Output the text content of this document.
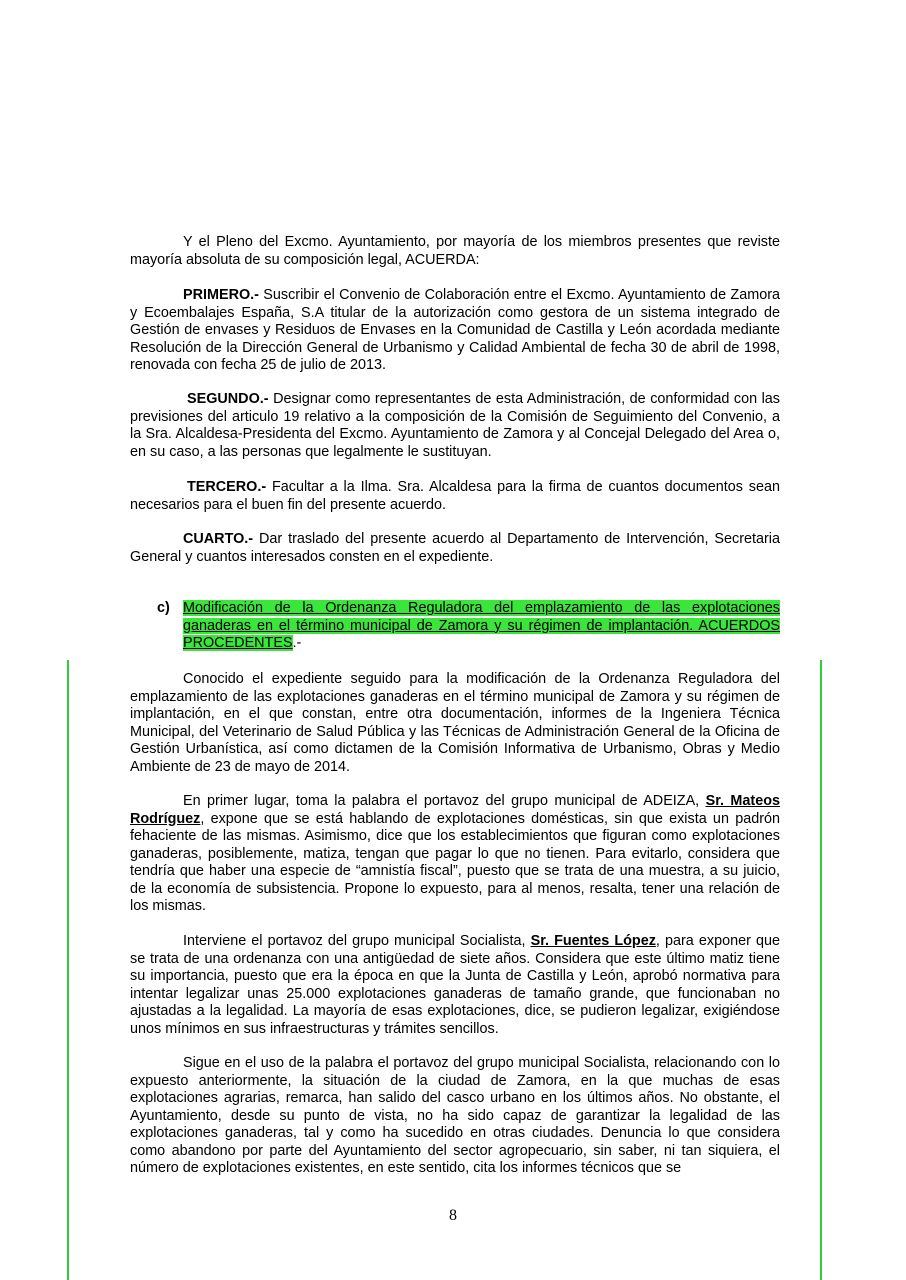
Y el Pleno del Excmo. Ayuntamiento, por mayoría de los miembros presentes que reviste mayoría absoluta de su composición legal, ACUERDA:

PRIMERO.- Suscribir el Convenio de Colaboración entre el Excmo. Ayuntamiento de Zamora y Ecoembalajes España, S.A titular de la autorización como gestora de un sistema integrado de Gestión de envases y Residuos de Envases en la Comunidad de Castilla y León acordada mediante Resolución de la Dirección General de Urbanismo y Calidad Ambiental de fecha 30 de abril de 1998, renovada con fecha 25 de julio de 2013.

SEGUNDO.- Designar como representantes de esta Administración, de conformidad con las previsiones del articulo 19 relativo a la composición de la Comisión de Seguimiento del Convenio, a la Sra. Alcaldesa-Presidenta del Excmo. Ayuntamiento de Zamora y al Concejal Delegado del Area o, en su caso, a las personas que legalmente le sustituyan.

TERCERO.- Facultar a la Ilma. Sra. Alcaldesa para la firma de cuantos documentos sean necesarios para el buen fin del presente acuerdo.

CUARTO.- Dar traslado del presente acuerdo al Departamento de Intervención, Secretaria General y cuantos interesados consten en el expediente.

c) Modificación de la Ordenanza Reguladora del emplazamiento de las explotaciones ganaderas en el término municipal de Zamora y su régimen de implantación. ACUERDOS PROCEDENTES.-

Conocido el expediente seguido para la modificación de la Ordenanza Reguladora del emplazamiento de las explotaciones ganaderas en el término municipal de Zamora y su régimen de implantación, en el que constan, entre otra documentación, informes de la Ingeniera Técnica Municipal, del Veterinario de Salud Pública y las Técnicas de Administración General de la Oficina de Gestión Urbanística, así como dictamen de la Comisión Informativa de Urbanismo, Obras y Medio Ambiente de 23 de mayo de 2014.

En primer lugar, toma la palabra el portavoz del grupo municipal de ADEIZA, Sr. Mateos Rodríguez, expone que se está hablando de explotaciones domésticas, sin que exista un padrón fehaciente de las mismas. Asimismo, dice que los establecimientos que figuran como explotaciones ganaderas, posiblemente, matiza, tengan que pagar lo que no tienen. Para evitarlo, considera que tendría que haber una especie de “amnistía fiscal”, puesto que se trata de una muestra, a su juicio, de la economía de subsistencia. Propone lo expuesto, para al menos, resalta, tener una relación de los mismas.

Interviene el portavoz del grupo municipal Socialista, Sr. Fuentes López, para exponer que se trata de una ordenanza con una antigüedad de siete años. Considera que este último matiz tiene su importancia, puesto que era la época en que la Junta de Castilla y León, aprobó normativa para intentar legalizar unas 25.000 explotaciones ganaderas de tamaño grande, que funcionaban no ajustadas a la legalidad. La mayoría de esas explotaciones, dice, se pudieron legalizar, exigiéndose unos mínimos en sus infraestructuras y trámites sencillos.

Sigue en el uso de la palabra el portavoz del grupo municipal Socialista, relacionando con lo expuesto anteriormente, la situación de la ciudad de Zamora, en la que muchas de esas explotaciones agrarias, remarca, han salido del casco urbano en los últimos años. No obstante, el Ayuntamiento, desde su punto de vista, no ha sido capaz de garantizar la legalidad de las explotaciones ganaderas, tal y como ha sucedido en otras ciudades. Denuncia lo que considera como abandono por parte del Ayuntamiento del sector agropecuario, sin saber, ni tan siquiera, el número de explotaciones existentes, en este sentido, cita los informes técnicos que se

8
